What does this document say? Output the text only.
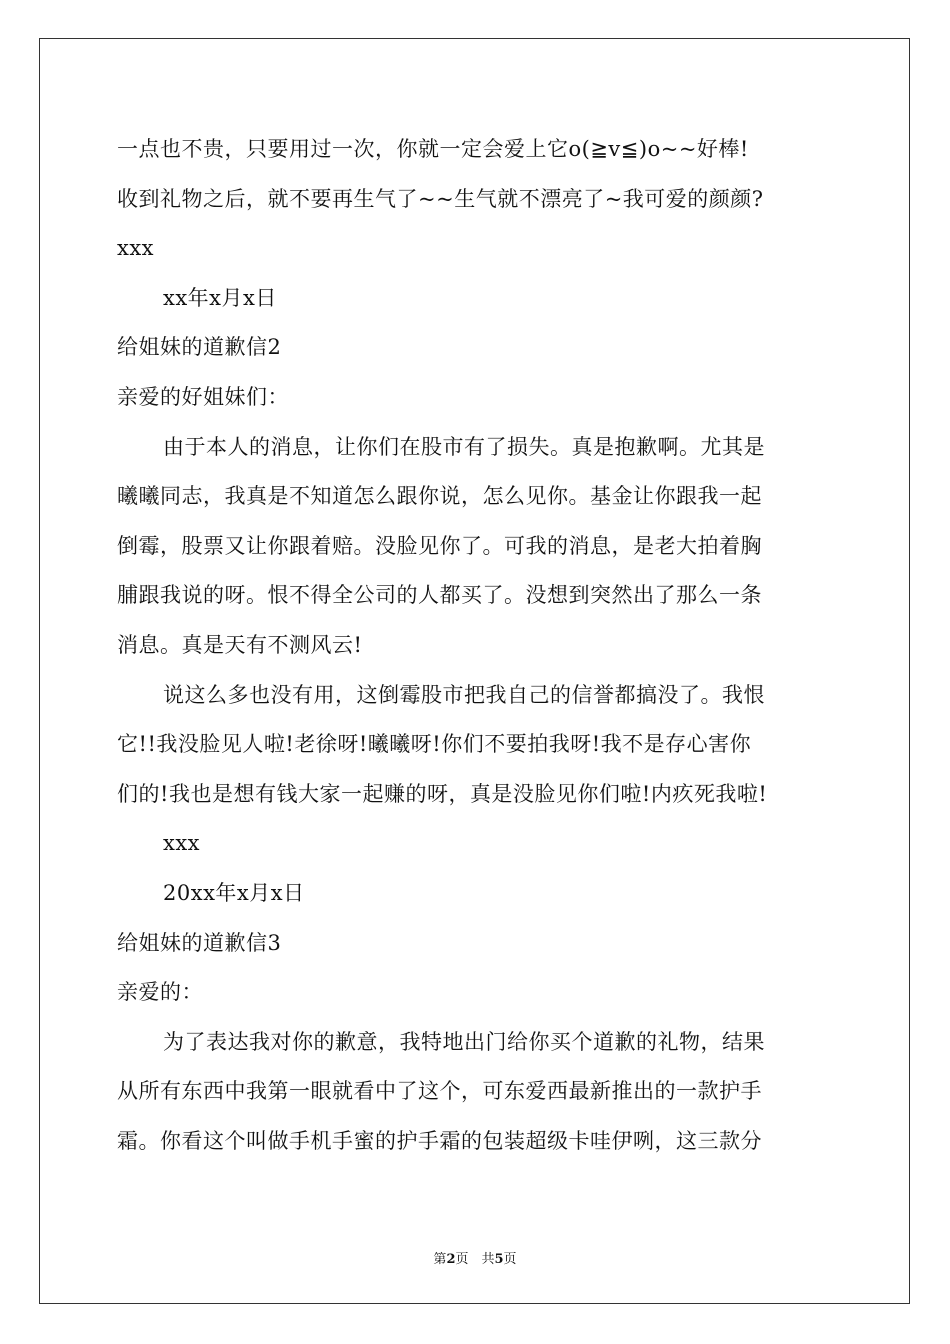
一点也不贵，只要用过一次，你就一定会爱上它o(≧v≦)o~~好棒!
收到礼物之后，就不要再生气了~~生气就不漂亮了~我可爱的颜颜?
xxx
xx年x月x日
给姐妹的道歉信2
亲爱的好姐妹们：
由于本人的消息，让你们在股市有了损失。真是抱歉啊。尤其是
曦曦同志，我真是不知道怎么跟你说，怎么见你。基金让你跟我一起
倒霉，股票又让你跟着赔。没脸见你了。可我的消息，是老大拍着胸
脯跟我说的呀。恨不得全公司的人都买了。没想到突然出了那么一条
消息。真是天有不测风云!
说这么多也没有用，这倒霉股市把我自己的信誉都搞没了。我恨
它!!我没脸见人啦!老徐呀!曦曦呀!你们不要拍我呀!我不是存心害你
们的!我也是想有钱大家一起赚的呀，真是没脸见你们啦!内疚死我啦!
xxx
20xx年x月x日
给姐妹的道歉信3
亲爱的：
为了表达我对你的歉意，我特地出门给你买个道歉的礼物，结果
从所有东西中我第一眼就看中了这个，可东爱西最新推出的一款护手
霜。你看这个叫做手机手蜜的护手霜的包装超级卡哇伊咧，这三款分
第2页　共5页
